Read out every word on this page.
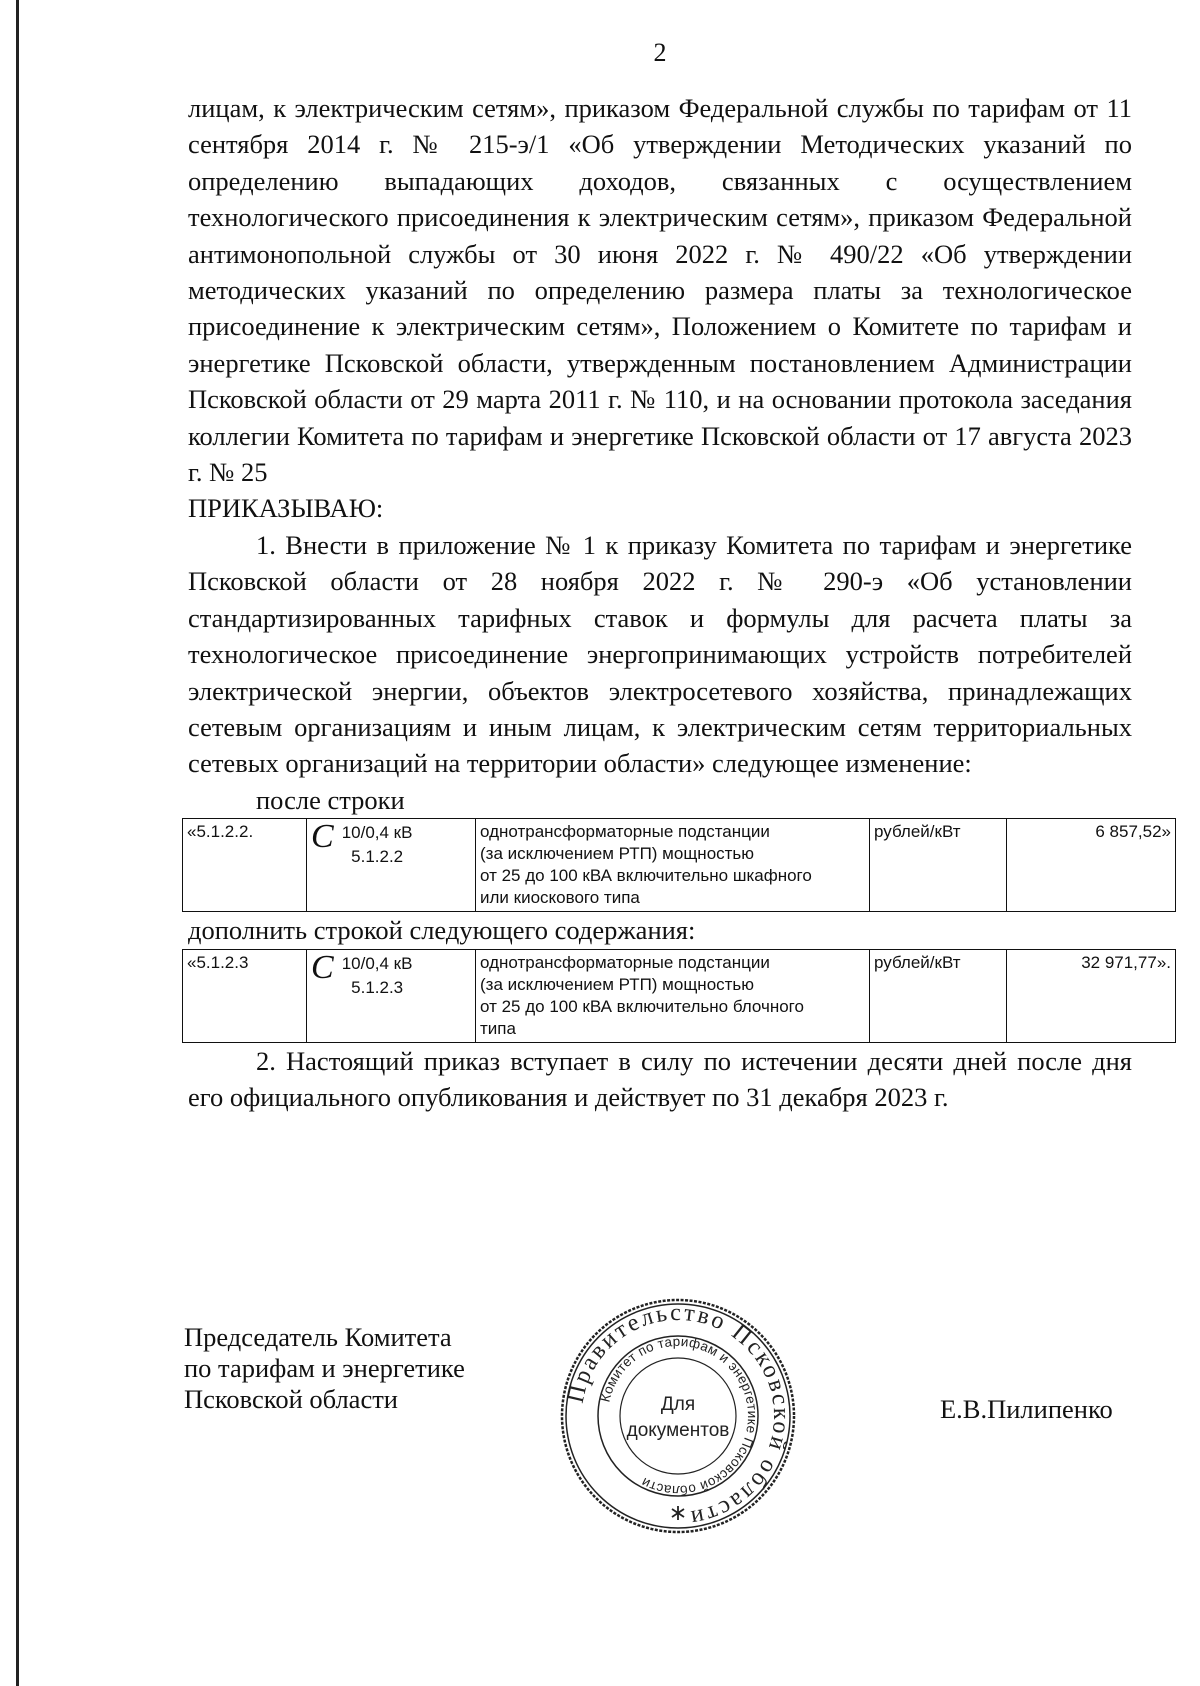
2

лицам, к электрическим сетям», приказом Федеральной службы по тарифам от 11 сентября 2014 г. № 215-э/1 «Об утверждении Методических указаний по определению выпадающих доходов, связанных с осуществлением технологического присоединения к электрическим сетям», приказом Федеральной антимонопольной службы от 30 июня 2022 г. № 490/22 «Об утверждении методических указаний по определению размера платы за технологическое присоединение к электрическим сетям», Положением о Комитете по тарифам и энергетике Псковской области, утвержденным постановлением Администрации Псковской области от 29 марта 2011 г. № 110, и на основании протокола заседания коллегии Комитета по тарифам и энергетике Псковской области от 17 августа 2023 г. № 25

ПРИКАЗЫВАЮ:

1. Внести в приложение № 1 к приказу Комитета по тарифам и энергетике Псковской области от 28 ноября 2022 г. № 290-э «Об установлении стандартизированных тарифных ставок и формулы для расчета платы за технологическое присоединение энергопринимающих устройств потребителей электрической энергии, объектов электросетевого хозяйства, принадлежащих сетевым организациям и иным лицам, к электрическим сетям территориальных сетевых организаций на территории области» следующее изменение:

после строки

«5.1.2.2.	C 10/0,4 кВ
5.1.2.2	однотрансформаторные подстанции
(за исключением РТП) мощностью
от 25 до 100 кВА включительно шкафного
или киоскового типа	рублей/кВт	6 857,52»

дополнить строкой следующего содержания:

«5.1.2.3	C 10/0,4 кВ
5.1.2.3	однотрансформаторные подстанции
(за исключением РТП) мощностью
от 25 до 100 кВА включительно блочного
типа	рублей/кВт	32 971,77».

2. Настоящий приказ вступает в силу по истечении десяти дней после дня его официального опубликования и действует по 31 декабря 2023 г.

Председатель Комитета
по тарифам и энергетике
Псковской области	Правительство Псковской области
Комитет по тарифам и энергетике Псковской области
Для
документов
Е.В.Пилипенко
